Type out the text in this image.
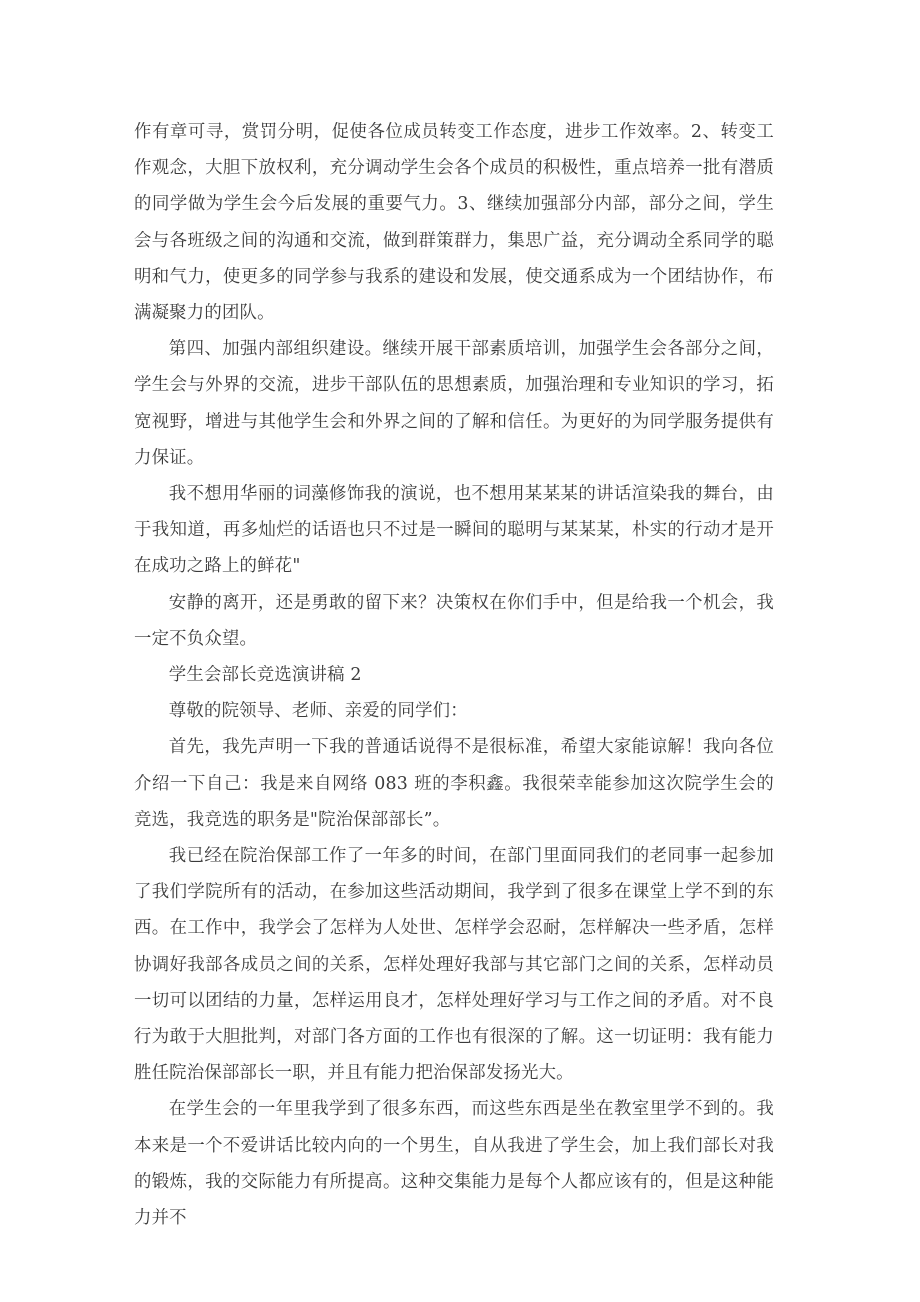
作有章可寻，赏罚分明，促使各位成员转变工作态度，进步工作效率。2、转变工作观念，大胆下放权利，充分调动学生会各个成员的积极性，重点培养一批有潜质的同学做为学生会今后发展的重要气力。3、继续加强部分内部，部分之间，学生会与各班级之间的沟通和交流，做到群策群力，集思广益，充分调动全系同学的聪明和气力，使更多的同学参与我系的建设和发展，使交通系成为一个团结协作，布满凝聚力的团队。

第四、加强内部组织建设。继续开展干部素质培训，加强学生会各部分之间，学生会与外界的交流，进步干部队伍的思想素质，加强治理和专业知识的学习，拓宽视野，增进与其他学生会和外界之间的了解和信任。为更好的为同学服务提供有力保证。

我不想用华丽的词藻修饰我的演说，也不想用某某某的讲话渲染我的舞台，由于我知道，再多灿烂的话语也只不过是一瞬间的聪明与某某某，朴实的行动才是开在成功之路上的鲜花"

安静的离开，还是勇敢的留下来？决策权在你们手中，但是给我一个机会，我一定不负众望。

学生会部长竞选演讲稿 2

尊敬的院领导、老师、亲爱的同学们：

首先，我先声明一下我的普通话说得不是很标准，希望大家能谅解！我向各位介绍一下自己：我是来自网络 083 班的李积鑫。我很荣幸能参加这次院学生会的竞选，我竞选的职务是"院治保部部长”。

我已经在院治保部工作了一年多的时间，在部门里面同我们的老同事一起参加了我们学院所有的活动，在参加这些活动期间，我学到了很多在课堂上学不到的东西。在工作中，我学会了怎样为人处世、怎样学会忍耐，怎样解决一些矛盾，怎样协调好我部各成员之间的关系，怎样处理好我部与其它部门之间的关系，怎样动员一切可以团结的力量，怎样运用良才，怎样处理好学习与工作之间的矛盾。对不良行为敢于大胆批判，对部门各方面的工作也有很深的了解。这一切证明：我有能力胜任院治保部部长一职，并且有能力把治保部发扬光大。

在学生会的一年里我学到了很多东西，而这些东西是坐在教室里学不到的。我本来是一个不爱讲话比较内向的一个男生，自从我进了学生会，加上我们部长对我的锻炼，我的交际能力有所提高。这种交集能力是每个人都应该有的，但是这种能力并不
